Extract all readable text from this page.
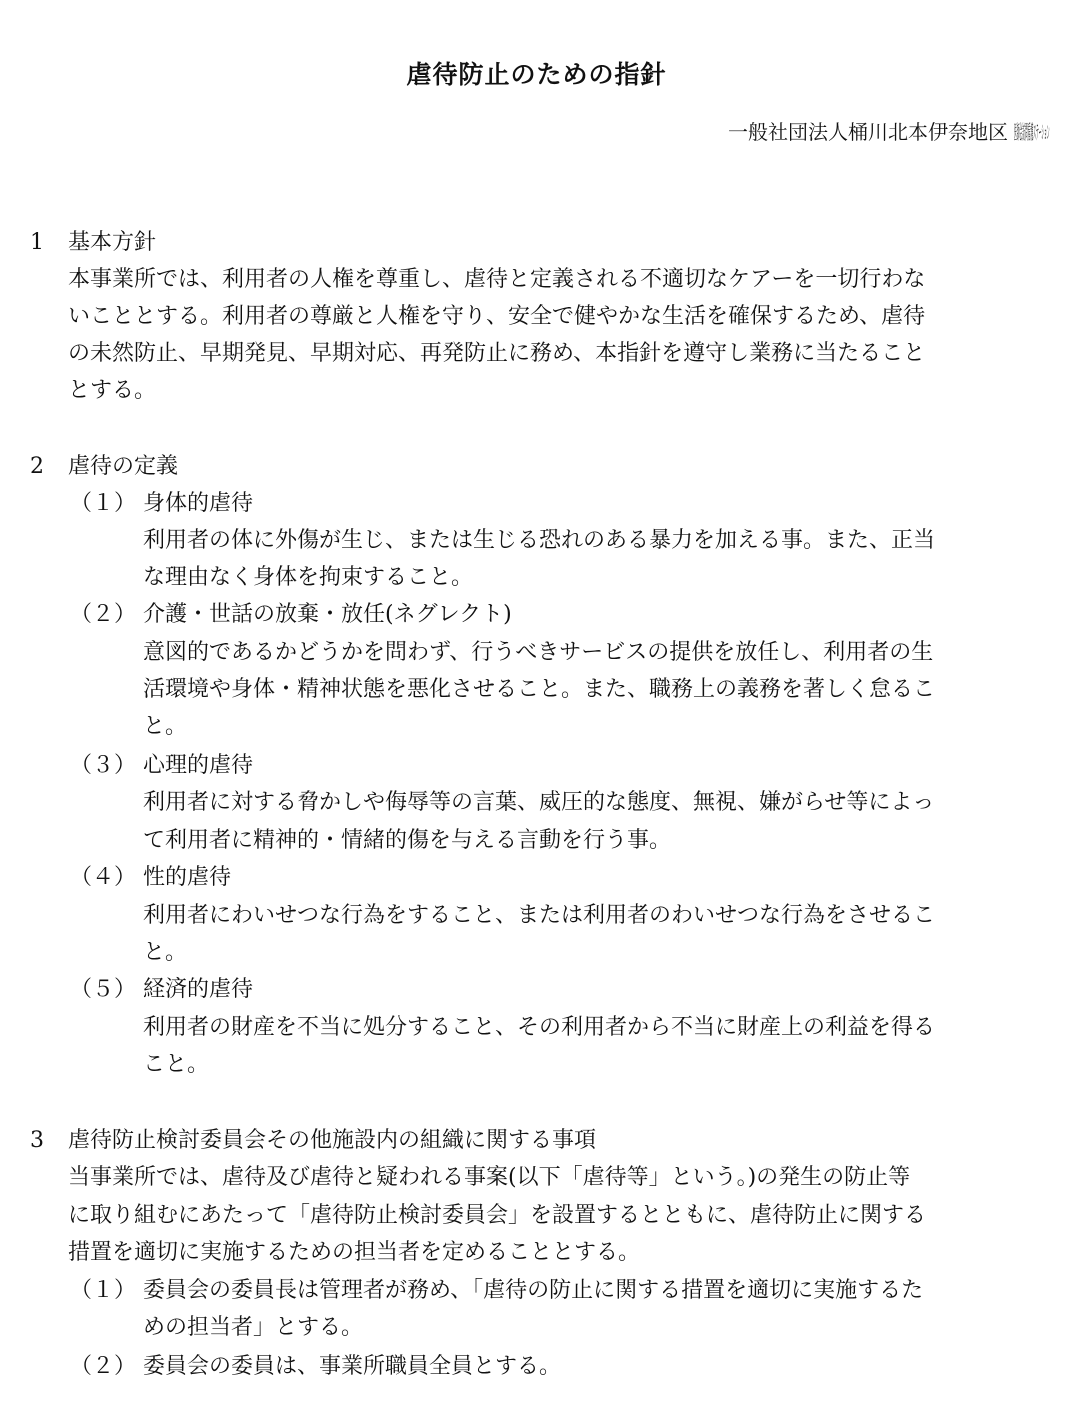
虐待防止のための指針
一般社団法人桶川北本伊奈地区 医師会訪問看護ステーション
1 基本方針
本事業所では、利用者の人権を尊重し、虐待と定義される不適切なケアーを一切行わな
いこととする。利用者の尊厳と人権を守り、安全で健やかな生活を確保するため、虐待
の未然防止、早期発見、早期対応、再発防止に務め、本指針を遵守し業務に当たること
とする。
2 虐待の定義
（１） 身体的虐待
利用者の体に外傷が生じ、または生じる恐れのある暴力を加える事。また、正当
な理由なく身体を拘束すること。
（２） 介護・世話の放棄・放任(ネグレクト)
意図的であるかどうかを問わず、行うべきサービスの提供を放任し、利用者の生
活環境や身体・精神状態を悪化させること。また、職務上の義務を著しく怠るこ
と。
（３） 心理的虐待
利用者に対する脅かしや侮辱等の言葉、威圧的な態度、無視、嫌がらせ等によっ
て利用者に精神的・情緒的傷を与える言動を行う事。
（４） 性的虐待
利用者にわいせつな行為をすること、または利用者のわいせつな行為をさせるこ
と。
（５） 経済的虐待
利用者の財産を不当に処分すること、その利用者から不当に財産上の利益を得る
こと。
3 虐待防止検討委員会その他施設内の組織に関する事項
当事業所では、虐待及び虐待と疑われる事案(以下「虐待等」という。)の発生の防止等
に取り組むにあたって「虐待防止検討委員会」を設置するとともに、虐待防止に関する
措置を適切に実施するための担当者を定めることとする。
（１） 委員会の委員長は管理者が務め、「虐待の防止に関する措置を適切に実施するた
めの担当者」とする。
（２） 委員会の委員は、事業所職員全員とする。
